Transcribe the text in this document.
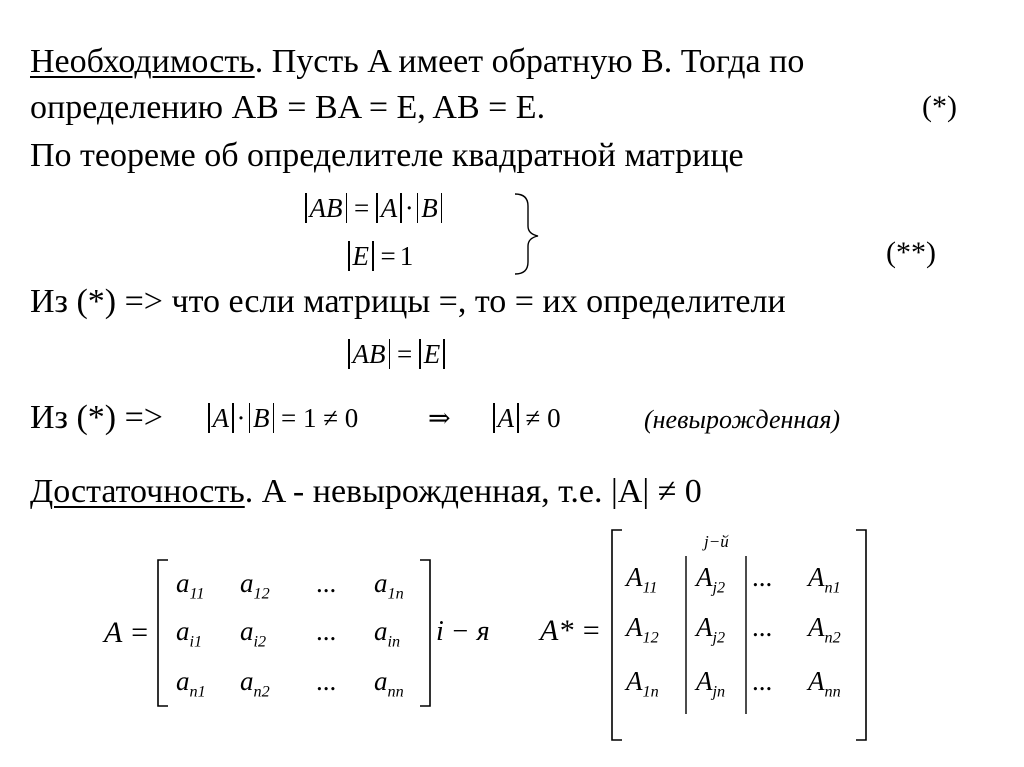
Необходимость. Пусть A имеет обратную B. Тогда по
определению AB = BA = E, AB = E.	(*)
По теореме об определителе квадратной матрице
AB = A · B
E = 1	(**)
Из (*) => что если матрицы =, то = их определители
AB = E
Из (*) => A · B = 1 ≠ 0	⇒ A ≠ 0	(невырожденная)
Достаточность. A - невырожденная, т.е. |A| ≠ 0
A =
$a_{11}$ $a_{12}$ ... $a_{1n}$
$a_{i1}$ $a_{i2}$ ... $a_{in}$
$a_{n1}$ $a_{n2}$ ... $a_{nn}$
i − я A* =
j−й
$A_{11}$ $A_{j2}$ ... $A_{n1}$
$A_{12}$ $A_{j2}$ ... $A_{n2}$
$A_{1n}$ $A_{jn}$ ... $A_{nn}$
